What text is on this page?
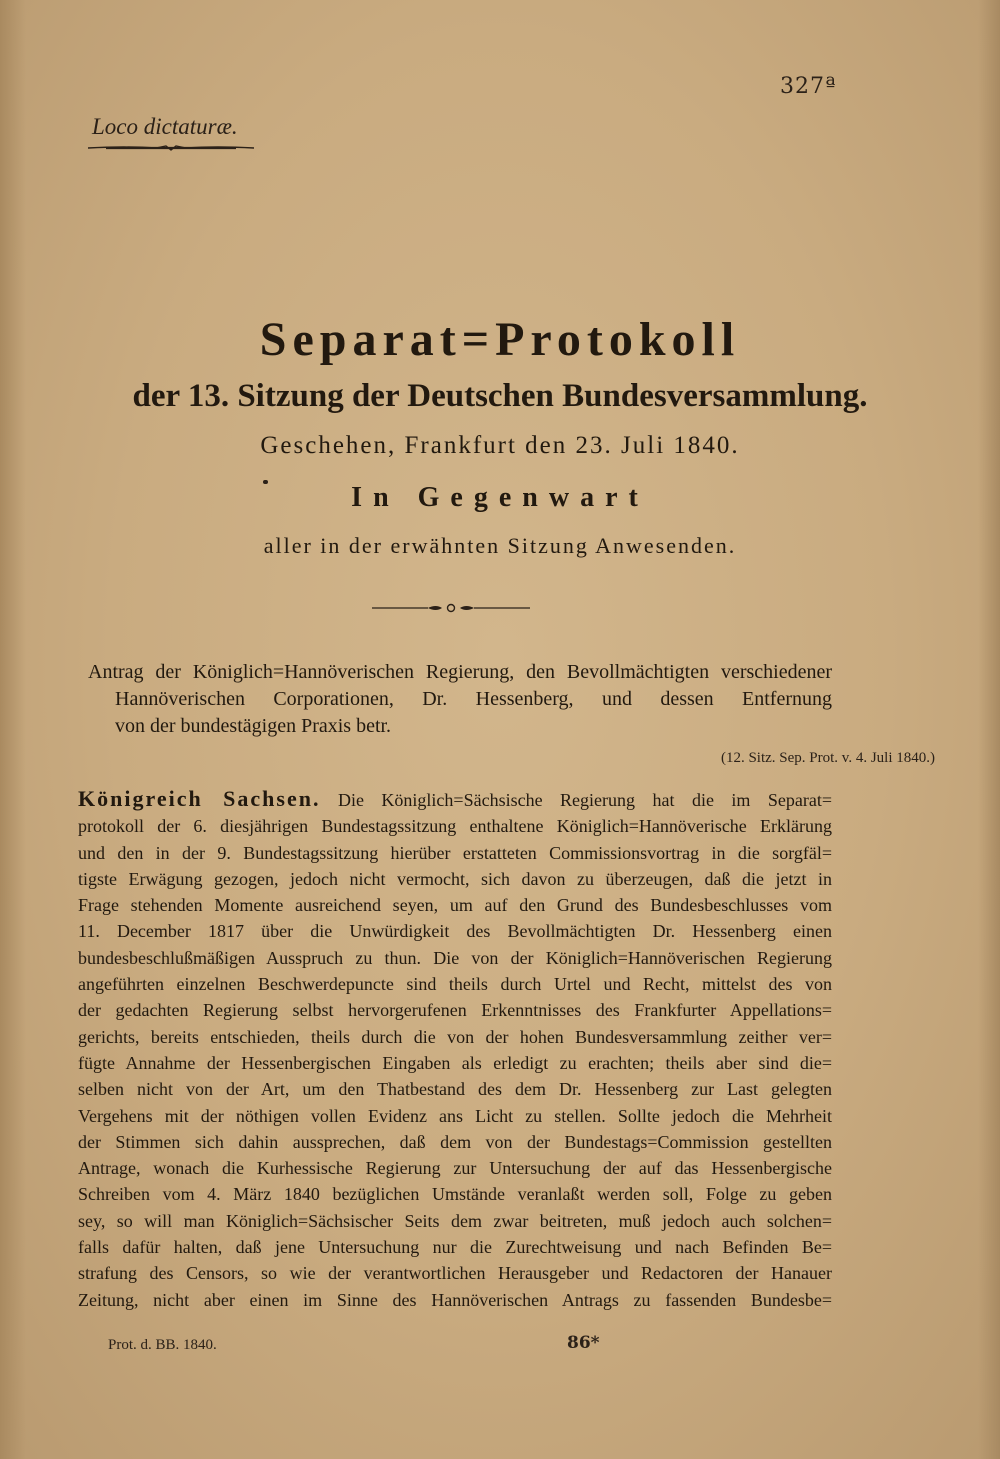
327ª
Loco dictaturæ.
Separat=Protokoll
der 13. Sitzung der Deutschen Bundesversammlung.
Geschehen, Frankfurt den 23. Juli 1840.
In Gegenwart
aller in der erwähnten Sitzung Anwesenden.
Antrag der Königlich=Hannöverischen Regierung, den Bevollmächtigten verschiedener
Hannöverischen Corporationen, Dr. Hessenberg, und dessen Entfernung
von der bundestägigen Praxis betr.
(12. Sitz. Sep. Prot. v. 4. Juli 1840.)
Königreich Sachsen. Die Königlich=Sächsische Regierung hat die im Separat=
protokoll der 6. diesjährigen Bundestagssitzung enthaltene Königlich=Hannöverische Erklärung
und den in der 9. Bundestagssitzung hierüber erstatteten Commissionsvortrag in die sorgfäl=
tigste Erwägung gezogen, jedoch nicht vermocht, sich davon zu überzeugen, daß die jetzt in
Frage stehenden Momente ausreichend seyen, um auf den Grund des Bundesbeschlusses vom
11. December 1817 über die Unwürdigkeit des Bevollmächtigten Dr. Hessenberg einen
bundesbeschlußmäßigen Ausspruch zu thun. Die von der Königlich=Hannöverischen Regierung
angeführten einzelnen Beschwerdepuncte sind theils durch Urtel und Recht, mittelst des von
der gedachten Regierung selbst hervorgerufenen Erkenntnisses des Frankfurter Appellations=
gerichts, bereits entschieden, theils durch die von der hohen Bundesversammlung zeither ver=
fügte Annahme der Hessenbergischen Eingaben als erledigt zu erachten; theils aber sind die=
selben nicht von der Art, um den Thatbestand des dem Dr. Hessenberg zur Last gelegten
Vergehens mit der nöthigen vollen Evidenz ans Licht zu stellen. Sollte jedoch die Mehrheit
der Stimmen sich dahin aussprechen, daß dem von der Bundestags=Commission gestellten
Antrage, wonach die Kurhessische Regierung zur Untersuchung der auf das Hessenbergische
Schreiben vom 4. März 1840 bezüglichen Umstände veranlaßt werden soll, Folge zu geben
sey, so will man Königlich=Sächsischer Seits dem zwar beitreten, muß jedoch auch solchen=
falls dafür halten, daß jene Untersuchung nur die Zurechtweisung und nach Befinden Be=
strafung des Censors, so wie der verantwortlichen Herausgeber und Redactoren der Hanauer
Zeitung, nicht aber einen im Sinne des Hannöverischen Antrags zu fassenden Bundesbe=
Prot. d. BB. 1840.	86*
